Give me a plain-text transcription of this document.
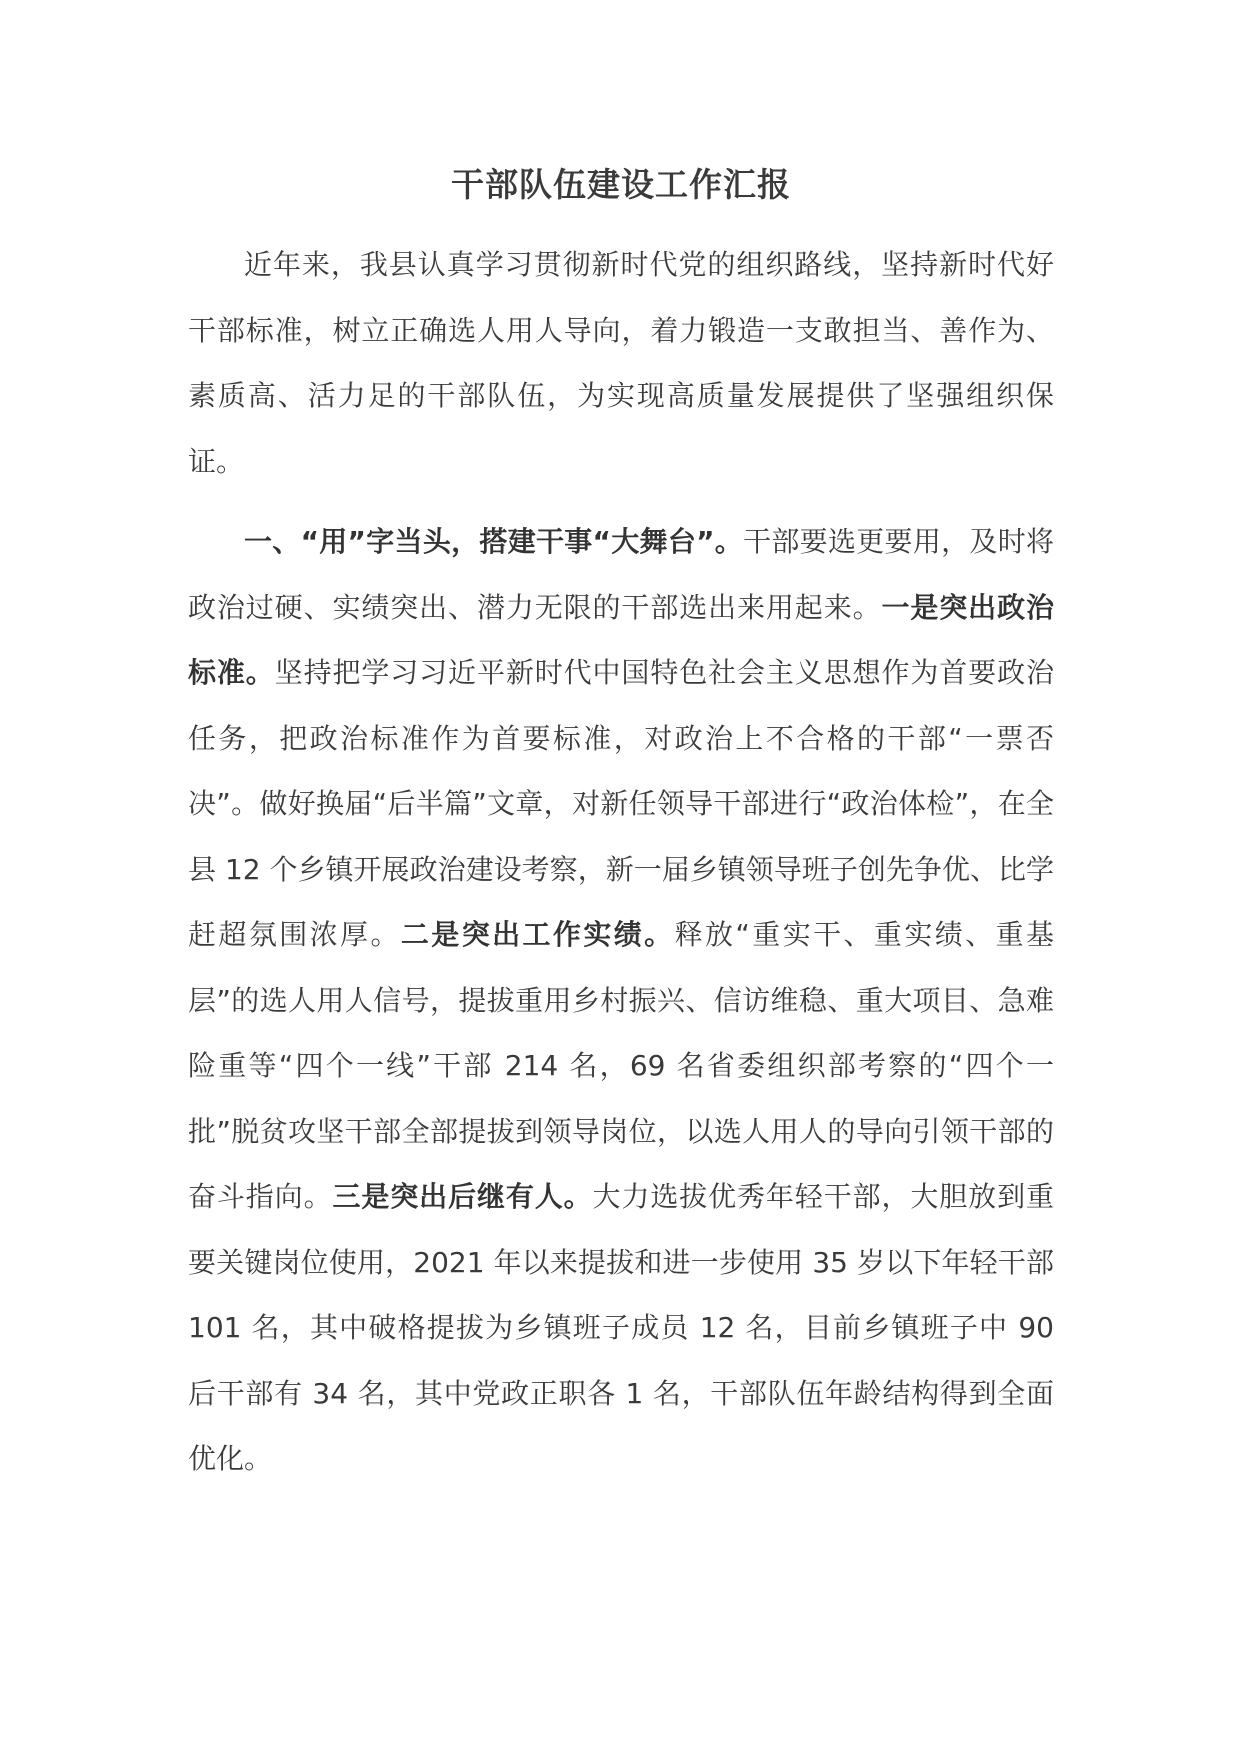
干部队伍建设工作汇报

近年来，我县认真学习贯彻新时代党的组织路线，坚持新时代好干部标准，树立正确选人用人导向，着力锻造一支敢担当、善作为、素质高、活力足的干部队伍，为实现高质量发展提供了坚强组织保证。

一、“用”字当头，搭建干事“大舞台”。干部要选更要用，及时将政治过硬、实绩突出、潜力无限的干部选出来用起来。一是突出政治标准。坚持把学习习近平新时代中国特色社会主义思想作为首要政治任务，把政治标准作为首要标准，对政治上不合格的干部“一票否决”。做好换届“后半篇”文章，对新任领导干部进行“政治体检”，在全县 12 个乡镇开展政治建设考察，新一届乡镇领导班子创先争优、比学赶超氛围浓厚。二是突出工作实绩。释放“重实干、重实绩、重基层”的选人用人信号，提拔重用乡村振兴、信访维稳、重大项目、急难险重等“四个一线”干部 214 名，69 名省委组织部考察的“四个一批”脱贫攻坚干部全部提拔到领导岗位，以选人用人的导向引领干部的奋斗指向。三是突出后继有人。大力选拔优秀年轻干部，大胆放到重要关键岗位使用，2021 年以来提拔和进一步使用 35 岁以下年轻干部 101 名，其中破格提拔为乡镇班子成员 12 名，目前乡镇班子中 90 后干部有 34 名，其中党政正职各 1 名，干部队伍年龄结构得到全面优化。
